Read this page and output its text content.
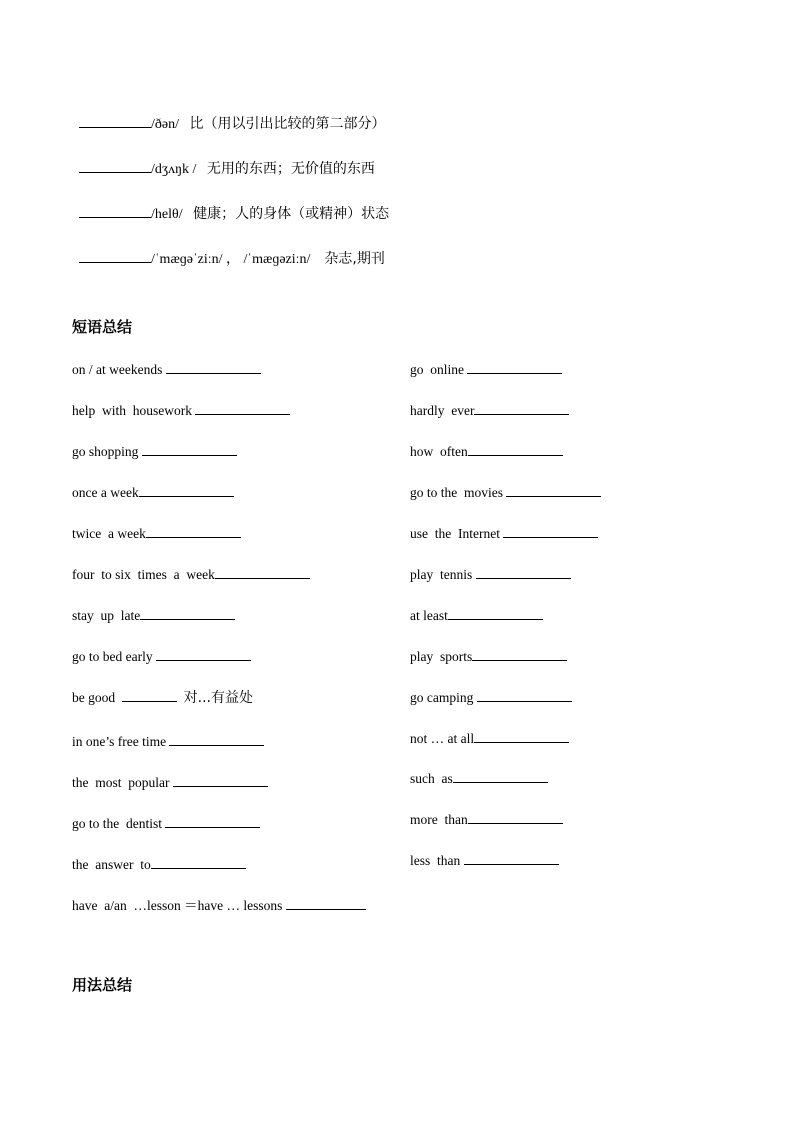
/ðən/ 比（用以引出比较的第二部分）

/dʒʌŋk / 无用的东西；无价值的东西

/helθ/ 健康；人的身体（或精神）状态

/ˈmæɡəˈziːn/ ， /ˈmæɡəziːn/ 杂志,期刊

短语总结
on / at weekends
help  with  housework
go shopping
once a week
twice  a week
four  to six  times  a  week
stay  up  late
go to bed early
be good	对...有益处
in one’s free time
the  most  popular
go to the  dentist
the  answer  to
have  a/an  …lesson ＝have … lessons
go  online
hardly  ever
how  often
go to the  movies
use  the  Internet
play  tennis
at least
play  sports
go camping
not … at all
such  as
more  than
less  than
用法总结
